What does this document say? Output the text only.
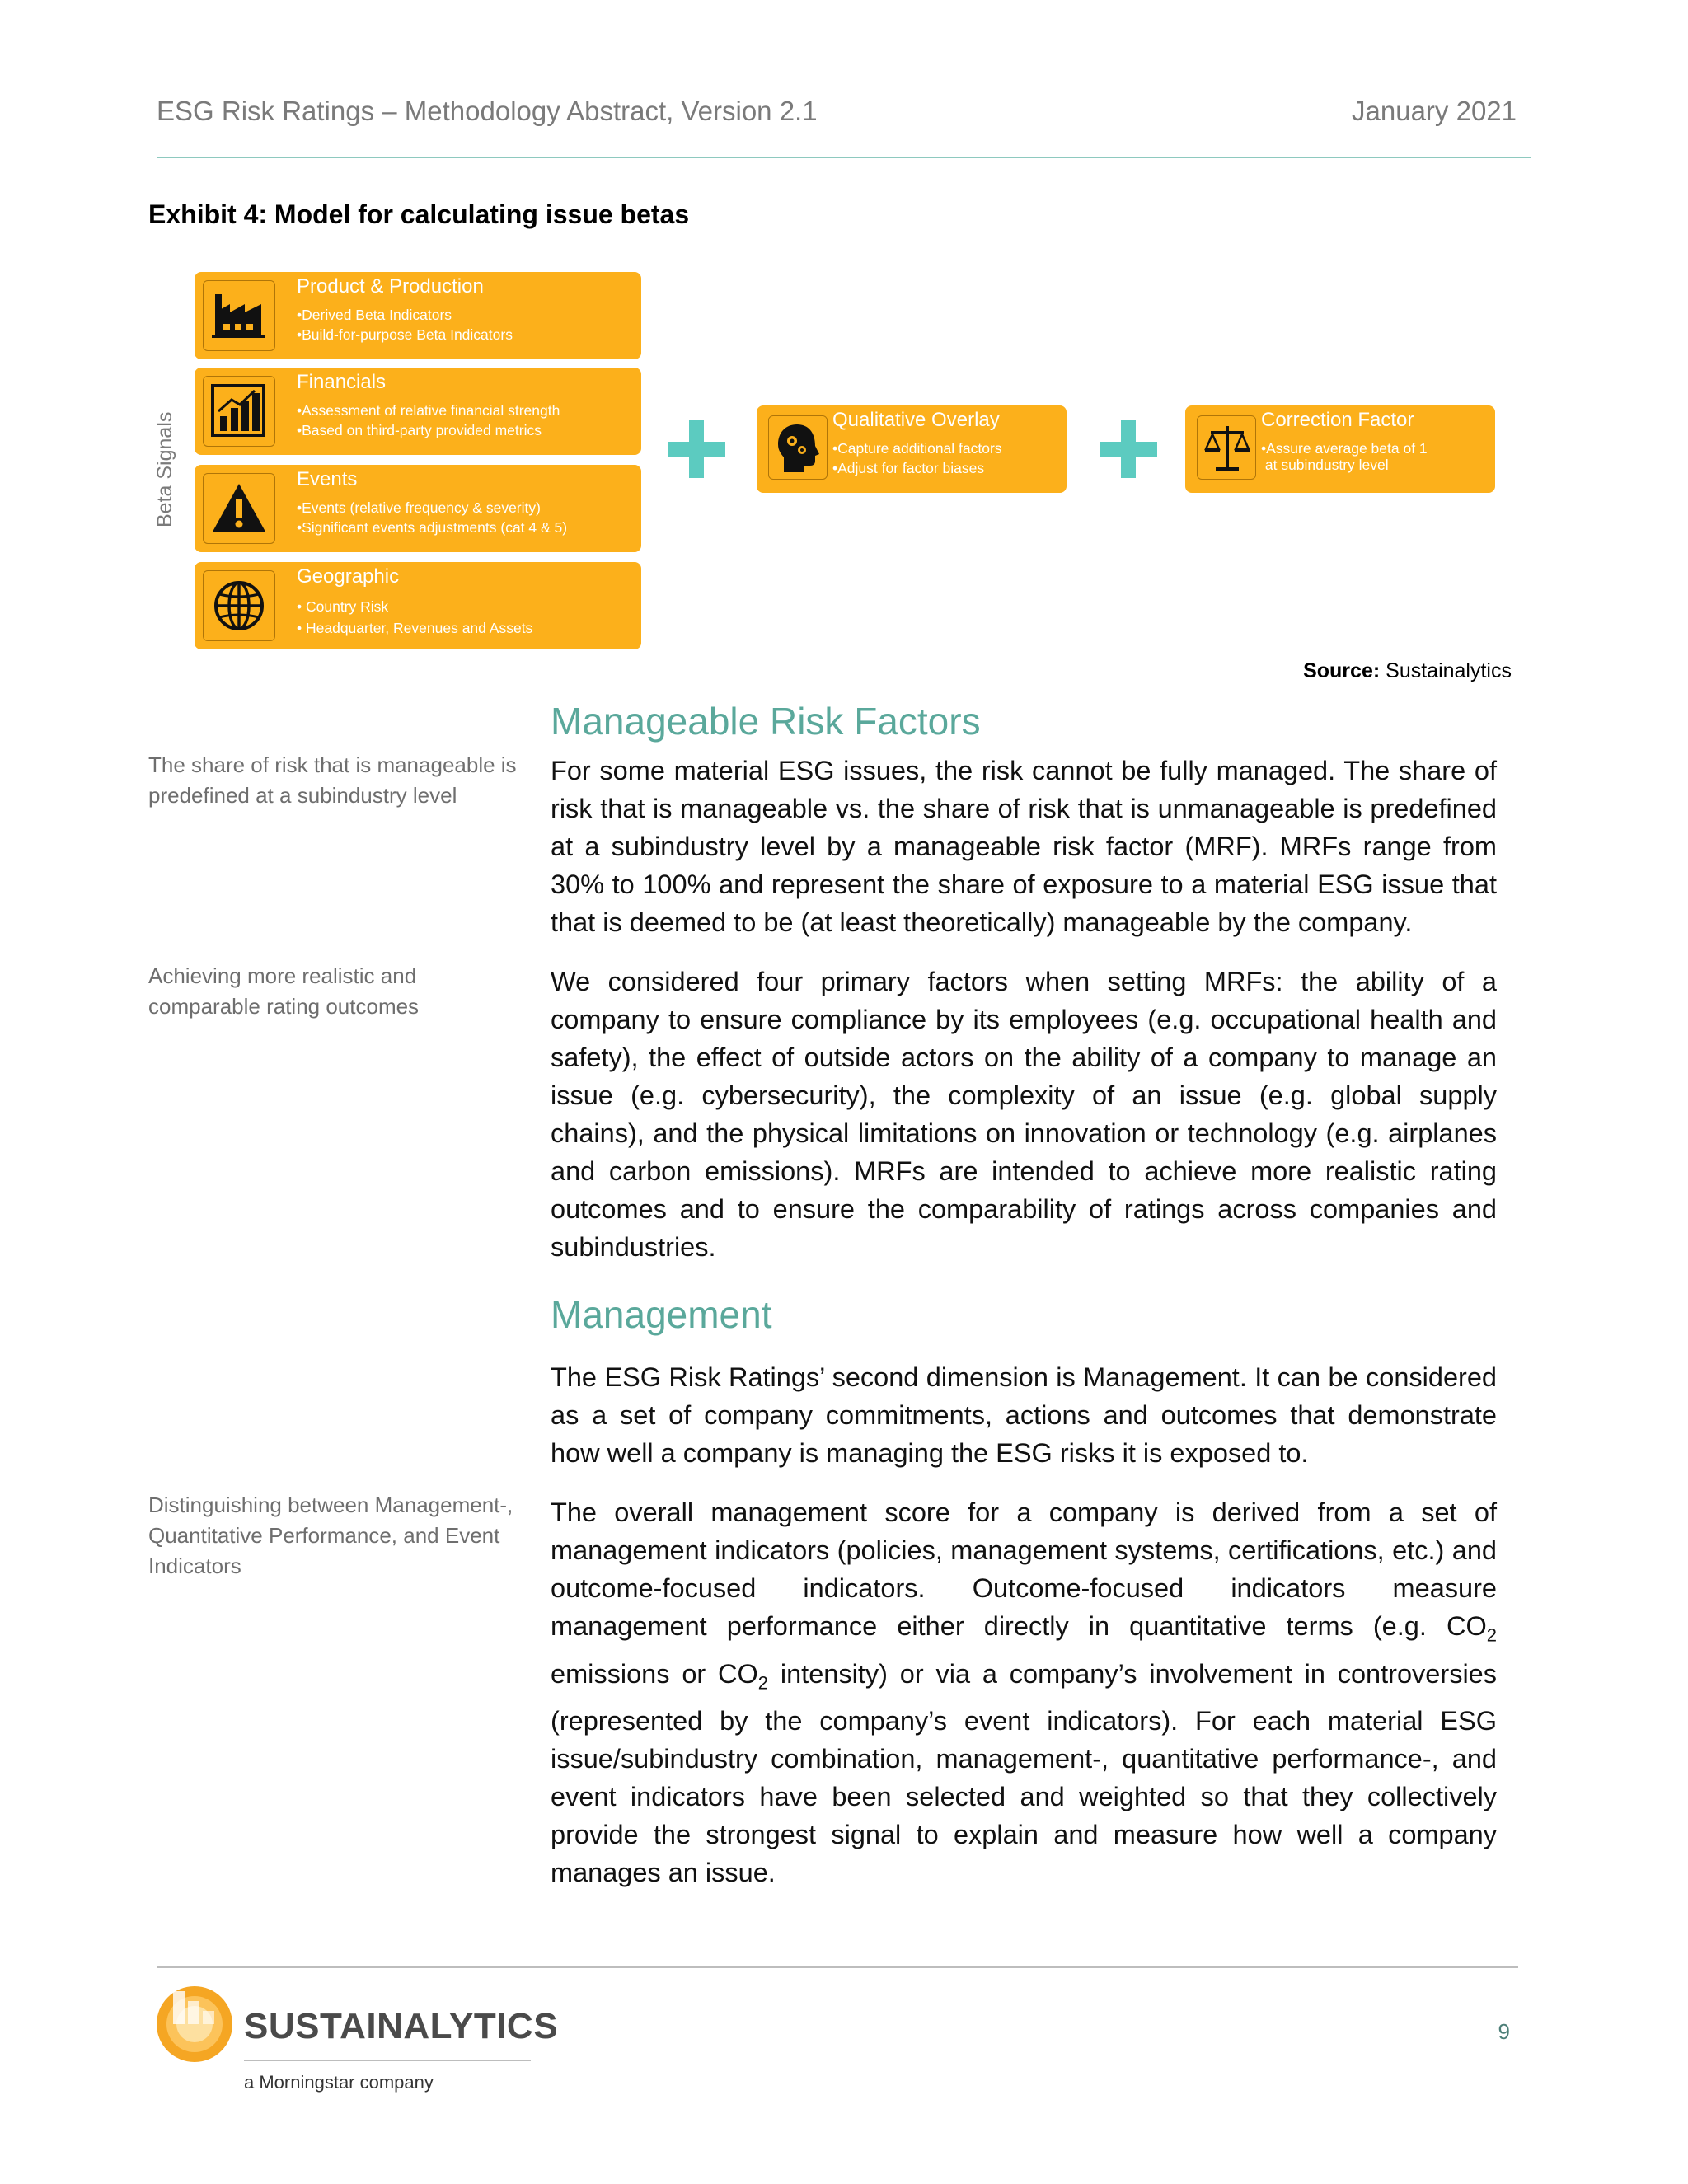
ESG Risk Ratings – Methodology Abstract, Version 2.1	January 2021
Exhibit 4: Model for calculating issue betas
Beta Signals
Product & Production
•Derived Beta Indicators
•Build-for-purpose Beta Indicators
Financials
•Assessment of relative financial strength
•Based on third-party provided metrics
Events
•Events (relative frequency & severity)
•Significant events adjustments (cat 4 & 5)
Geographic
• Country Risk
• Headquarter, Revenues and Assets
Qualitative Overlay
•Capture additional factors
•Adjust for factor biases
Correction Factor
•Assure average beta of 1
at subindustry level
Source: Sustainalytics
Manageable Risk Factors
The share of risk that is manageable is predefined at a subindustry level
For some material ESG issues, the risk cannot be fully managed. The share of risk that is manageable vs. the share of risk that is unmanageable is predefined at a subindustry level by a manageable risk factor (MRF). MRFs range from 30% to 100% and represent the share of exposure to a material ESG issue that that is deemed to be (at least theoretically) manageable by the company.
Achieving more realistic and comparable rating outcomes
We considered four primary factors when setting MRFs: the ability of a company to ensure compliance by its employees (e.g. occupational health and safety), the effect of outside actors on the ability of a company to manage an issue (e.g. cybersecurity), the complexity of an issue (e.g. global supply chains), and the physical limitations on innovation or technology (e.g. airplanes and carbon emissions). MRFs are intended to achieve more realistic rating outcomes and to ensure the comparability of ratings across companies and subindustries.
Management
The ESG Risk Ratings’ second dimension is Management. It can be considered as a set of company commitments, actions and outcomes that demonstrate how well a company is managing the ESG risks it is exposed to.
Distinguishing between Management-, Quantitative Performance, and Event Indicators
The overall management score for a company is derived from a set of management indicators (policies, management systems, certifications, etc.) and outcome-focused indicators. Outcome-focused indicators measure management performance either directly in quantitative terms (e.g. $CO_2$ emissions or $CO_2$ intensity) or via a company’s involvement in controversies (represented by the company’s event indicators). For each material ESG issue/subindustry combination, management-, quantitative performance-, and event indicators have been selected and weighted so that they collectively provide the strongest signal to explain and measure how well a company manages an issue.
SUSTAINALYTICS
a Morningstar company
9
